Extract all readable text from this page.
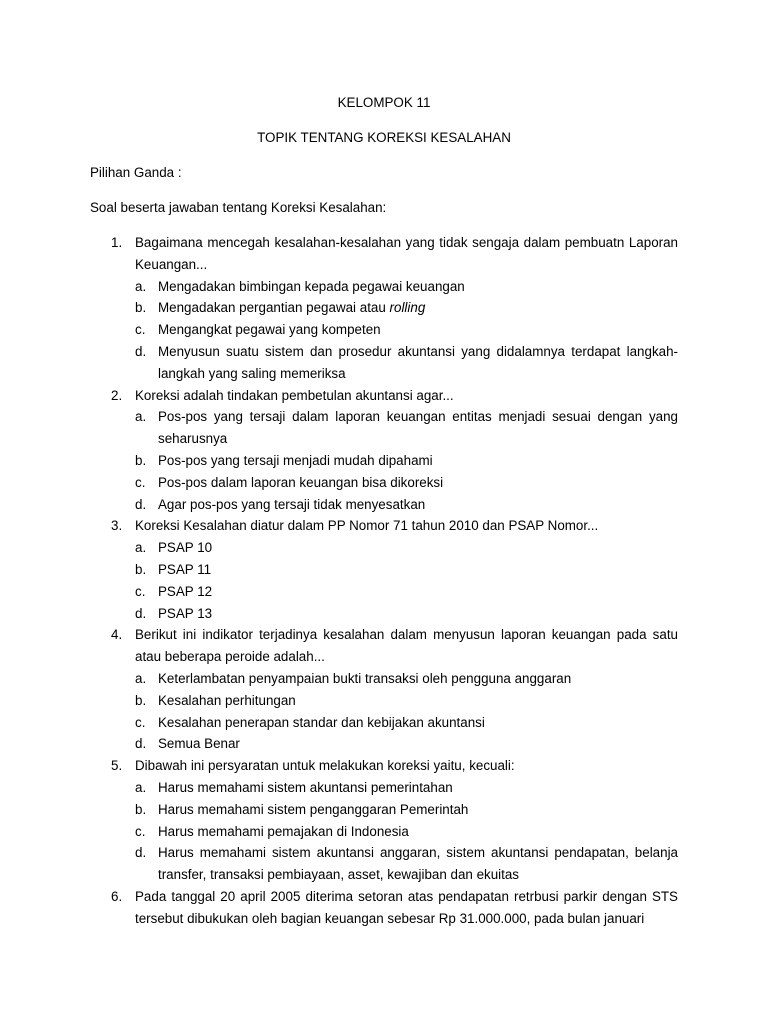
KELOMPOK 11
TOPIK TENTANG KOREKSI KESALAHAN
Pilihan Ganda :
Soal beserta jawaban tentang Koreksi Kesalahan:
1. Bagaimana mencegah kesalahan-kesalahan yang tidak sengaja dalam pembuatn Laporan Keuangan...
a. Mengadakan bimbingan kepada pegawai keuangan
b. Mengadakan pergantian pegawai atau rolling
c. Mengangkat pegawai yang kompeten
d. Menyusun suatu sistem dan prosedur akuntansi yang didalamnya terdapat langkah-langkah yang saling memeriksa
2. Koreksi adalah tindakan pembetulan akuntansi agar...
a. Pos-pos yang tersaji dalam laporan keuangan entitas menjadi sesuai dengan yang seharusnya
b. Pos-pos yang tersaji menjadi mudah dipahami
c. Pos-pos dalam laporan keuangan bisa dikoreksi
d. Agar pos-pos yang tersaji tidak menyesatkan
3. Koreksi Kesalahan diatur dalam PP Nomor 71 tahun 2010 dan PSAP Nomor...
a. PSAP 10
b. PSAP 11
c. PSAP 12
d. PSAP 13
4. Berikut ini indikator terjadinya kesalahan dalam menyusun laporan keuangan pada satu atau beberapa peroide adalah...
a. Keterlambatan penyampaian bukti transaksi oleh pengguna anggaran
b. Kesalahan perhitungan
c. Kesalahan penerapan standar dan kebijakan akuntansi
d. Semua Benar
5. Dibawah ini persyaratan untuk melakukan koreksi yaitu, kecuali:
a. Harus memahami sistem akuntansi pemerintahan
b. Harus memahami sistem penganggaran Pemerintah
c. Harus memahami pemajakan di Indonesia
d. Harus memahami sistem akuntansi anggaran, sistem akuntansi pendapatan, belanja transfer, transaksi pembiayaan, asset, kewajiban dan ekuitas
6. Pada tanggal 20 april 2005 diterima setoran atas pendapatan retrbusi parkir dengan STS tersebut dibukukan oleh bagian keuangan sebesar Rp 31.000.000, pada bulan januari
